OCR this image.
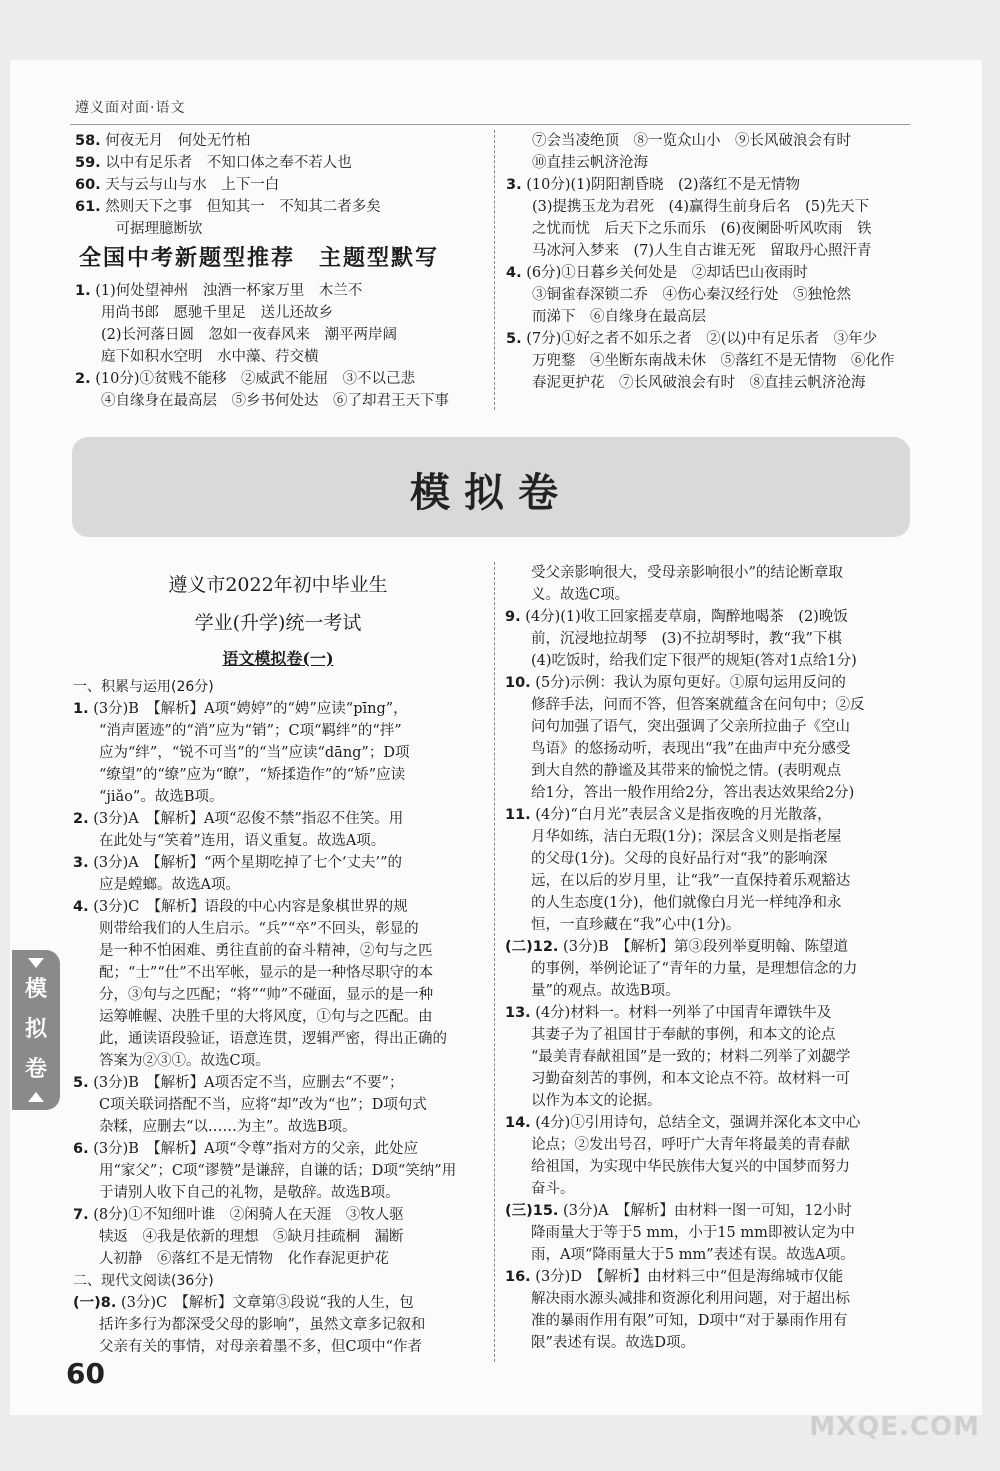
遵义面对面·语文

58. 何夜无月　何处无竹柏

59. 以中有足乐者　不知口体之奉不若人也

60. 天与云与山与水　上下一白

61. 然则天下之事　但知其一　不知其二者多矣

　可据理臆断欤

全国中考新题型推荐　主题型默写

1. (1)何处望神州　浊酒一杯家万里　木兰不

用尚书郎　愿驰千里足　送儿还故乡

(2)长河落日圆　忽如一夜春风来　潮平两岸阔

庭下如积水空明　水中藻、荇交横

2. (10分)①贫贱不能移　②威武不能屈　③不以己悲

④自缘身在最高层　⑤乡书何处达　⑥了却君王天下事

⑦会当凌绝顶　⑧一览众山小　⑨长风破浪会有时

⑩直挂云帆济沧海

3. (10分)(1)阴阳割昏晓　(2)落红不是无情物

(3)提携玉龙为君死　(4)赢得生前身后名　(5)先天下

之忧而忧　后天下之乐而乐　(6)夜阑卧听风吹雨　铁

马冰河入梦来　(7)人生自古谁无死　留取丹心照汗青

4. (6分)①日暮乡关何处是　②却话巴山夜雨时

③铜雀春深锁二乔　④伤心秦汉经行处　⑤独怆然

而涕下　⑥自缘身在最高层

5. (7分)①好之者不如乐之者　②(以)中有足乐者　③年少

万兜鍪　④坐断东南战未休　⑤落红不是无情物　⑥化作

春泥更护花　⑦长风破浪会有时　⑧直挂云帆济沧海

模拟卷

遵义市2022年初中毕业生

学业(升学)统一考试

语文模拟卷(一)

一、积累与运用(26分)

1. (3分)B　【解析】A项“娉婷”的“娉”应读“pīng”，

“消声匿迹”的“消”应为“销”；C项“羁绊”的“拌”

应为“绊”，“锐不可当”的“当”应读“dāng”；D项

“缭望”的“缭”应为“瞭”，“矫揉造作”的“矫”应读

“jiǎo”。故选B项。

2. (3分)A　【解析】A项“忍俊不禁”指忍不住笑。用

在此处与“笑着”连用，语义重复。故选A项。

3. (3分)A　【解析】“两个星期吃掉了七个‘丈夫’”的

应是螳螂。故选A项。

4. (3分)C　【解析】语段的中心内容是象棋世界的规

则带给我们的人生启示。“兵”“卒”不回头，彰显的

是一种不怕困难、勇往直前的奋斗精神，②句与之匹

配；“士”“仕”不出军帐，显示的是一种恪尽职守的本

分，③句与之匹配；“将”“帅”不碰面，显示的是一种

运筹帷幄、决胜千里的大将风度，①句与之匹配。由

此，通读语段验证，语意连贯，逻辑严密，得出正确的

答案为②③①。故选C项。

5. (3分)B　【解析】A项否定不当，应删去“不要”；

C项关联词搭配不当，应将“却”改为“也”；D项句式

杂糅，应删去“以……为主”。故选B项。

6. (3分)B　【解析】A项“令尊”指对方的父亲，此处应

用“家父”；C项“谬赞”是谦辞，自谦的话；D项“笑纳”用

于请别人收下自己的礼物，是敬辞。故选B项。

7. (8分)①不知细叶谁　②闲骑人在天涯　③牧人驱

犊返　④我是依新的理想　⑤缺月挂疏桐　漏断

人初静　⑥落红不是无情物　化作春泥更护花

二、现代文阅读(36分)

(一)8. (3分)C　【解析】文章第③段说“我的人生，包

括许多行为都深受父母的影响”，虽然文章多记叙和

父亲有关的事情，对母亲着墨不多，但C项中“作者

受父亲影响很大，受母亲影响很小”的结论断章取

义。故选C项。

9. (4分)(1)收工回家摇麦草扇，陶醉地喝茶　(2)晚饭

前，沉浸地拉胡琴　(3)不拉胡琴时，教“我”下棋

(4)吃饭时，给我们定下很严的规矩(答对1点给1分)

10. (5分)示例：我认为原句更好。①原句运用反问的

修辞手法，问而不答，但答案就蕴含在问句中；②反

问句加强了语气，突出强调了父亲所拉曲子《空山

鸟语》的悠扬动听，表现出“我”在曲声中充分感受

到大自然的静谧及其带来的愉悦之情。(表明观点

给1分，答出一般作用给2分，答出表达效果给2分)

11. (4分)“白月光”表层含义是指夜晚的月光散落，

月华如练，洁白无瑕(1分)；深层含义则是指老屋

的父母(1分)。父母的良好品行对“我”的影响深

远，在以后的岁月里，让“我”一直保持着乐观豁达

的人生态度(1分)，他们就像白月光一样纯净和永

恒，一直珍藏在“我”心中(1分)。

(二)12. (3分)B　【解析】第③段列举夏明翰、陈望道

的事例，举例论证了“青年的力量，是理想信念的力

量”的观点。故选B项。

13. (4分)材料一。材料一列举了中国青年谭铁牛及

其妻子为了祖国甘于奉献的事例，和本文的论点

“最美青春献祖国”是一致的；材料二列举了刘勰学

习勤奋刻苦的事例，和本文论点不符。故材料一可

以作为本文的论据。

14. (4分)①引用诗句，总结全文，强调并深化本文中心

论点；②发出号召，呼吁广大青年将最美的青春献

给祖国，为实现中华民族伟大复兴的中国梦而努力

奋斗。

(三)15. (3分)A　【解析】由材料一图一可知，12小时

降雨量大于等于5 mm，小于15 mm即被认定为中

雨，A项“降雨量大于5 mm”表述有误。故选A项。

16. (3分)D　【解析】由材料三中“但是海绵城市仅能

解决雨水源头减排和资源化利用问题，对于超出标

准的暴雨作用有限”可知，D项中“对于暴雨作用有

限”表述有误。故选D项。

模
拟
卷
60
MXQE.COM
